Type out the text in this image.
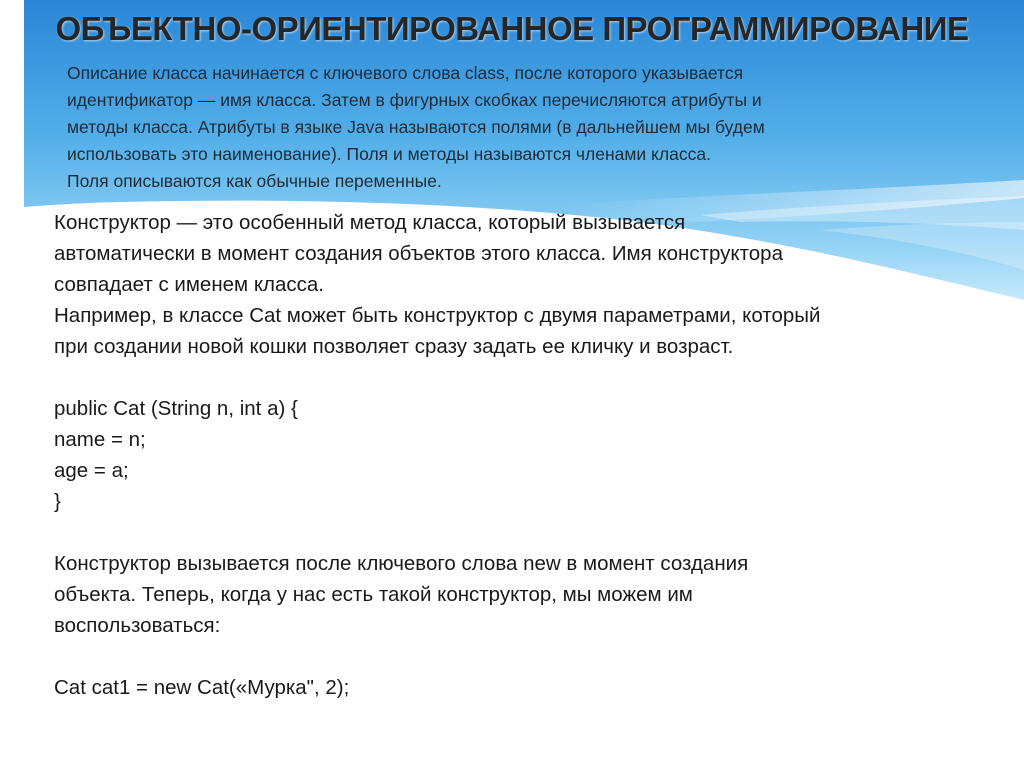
ОБЪЕКТНО-ОРИЕНТИРОВАННОЕ ПРОГРАММИРОВАНИЕ

Описание класса начинается с ключевого слова class, после которого указывается

идентификатор — имя класса. Затем в фигурных скобках перечисляются атрибуты и

методы класса. Атрибуты в языке Java называются полями (в дальнейшем мы будем

использовать это наименование). Поля и методы называются членами класса.

Поля описываются как обычные переменные.

Конструктор — это особенный метод класса, который вызывается

автоматически в момент создания объектов этого класса. Имя конструктора

совпадает с именем класса.

Например, в классе Cat может быть конструктор с двумя параметрами, который

при создании новой кошки позволяет сразу задать ее кличку и возраст.

public Cat (String n, int a) {

name = n;

age = a;

}

Конструктор вызывается после ключевого слова new в момент создания

объекта. Теперь, когда у нас есть такой конструктор, мы можем им

воспользоваться:

Cat cat1 = new Cat(«Мурка", 2);
